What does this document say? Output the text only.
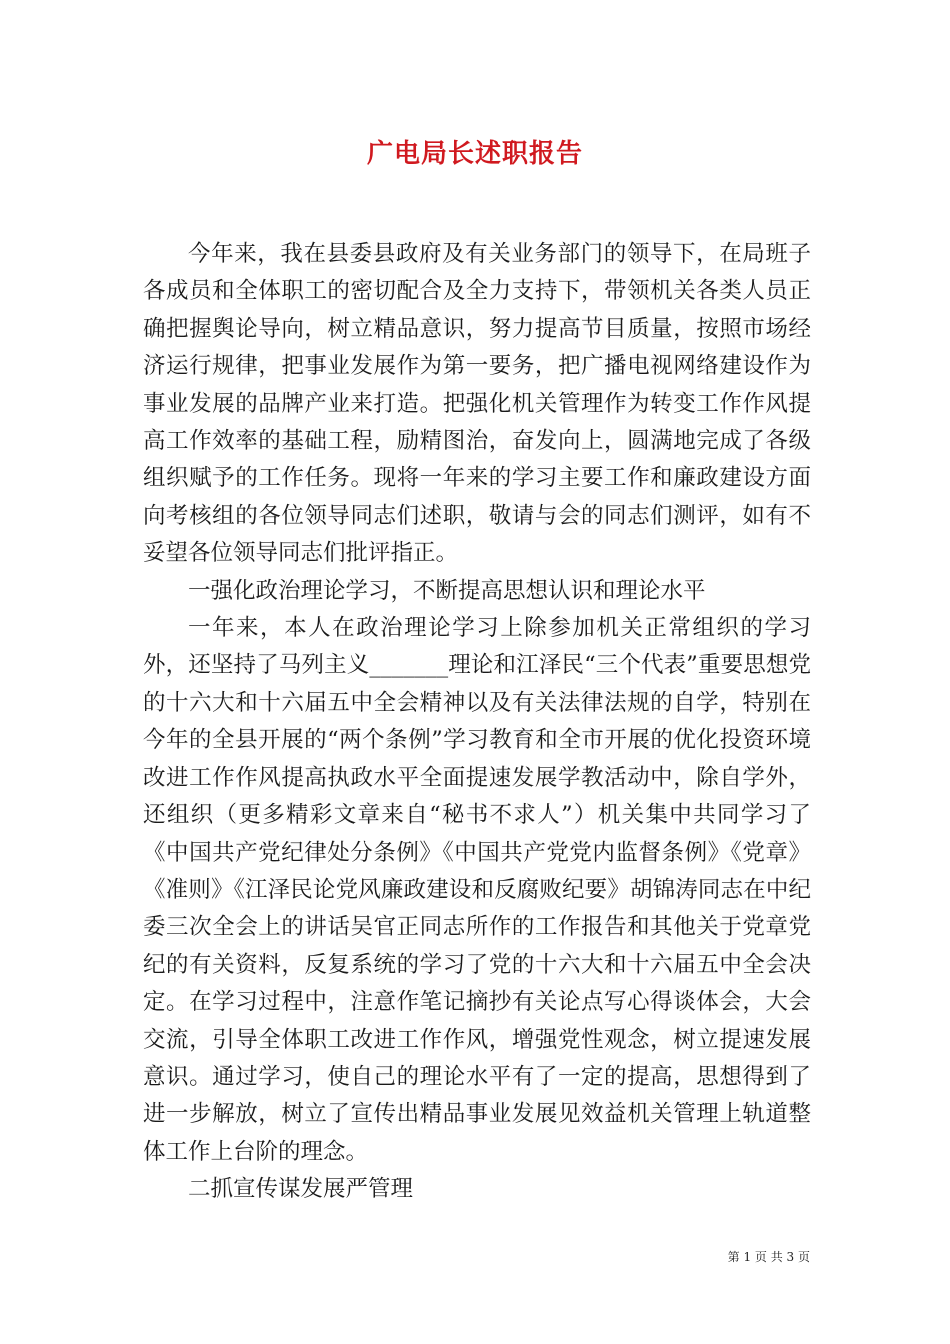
广电局长述职报告

今年来，我在县委县政府及有关业务部门的领导下，在局班子各成员和全体职工的密切配合及全力支持下，带领机关各类人员正确把握舆论导向，树立精品意识，努力提高节目质量，按照市场经济运行规律，把事业发展作为第一要务，把广播电视网络建设作为事业发展的品牌产业来打造。把强化机关管理作为转变工作作风提高工作效率的基础工程，励精图治，奋发向上，圆满地完成了各级组织赋予的工作任务。现将一年来的学习主要工作和廉政建设方面向考核组的各位领导同志们述职，敬请与会的同志们测评，如有不妥望各位领导同志们批评指正。

一强化政治理论学习，不断提高思想认识和理论水平

一年来，本人在政治理论学习上除参加机关正常组织的学习外，还坚持了马列主义_______理论和江泽民“三个代表”重要思想党的十六大和十六届五中全会精神以及有关法律法规的自学，特别在今年的全县开展的“两个条例”学习教育和全市开展的优化投资环境改进工作作风提高执政水平全面提速发展学教活动中，除自学外，还组织（更多精彩文章来自“秘书不求人”）机关集中共同学习了《中国共产党纪律处分条例》《中国共产党党内监督条例》《党章》《准则》《江泽民论党风廉政建设和反腐败纪要》胡锦涛同志在中纪委三次全会上的讲话吴官正同志所作的工作报告和其他关于党章党纪的有关资料，反复系统的学习了党的十六大和十六届五中全会决定。在学习过程中，注意作笔记摘抄有关论点写心得谈体会，大会交流，引导全体职工改进工作作风，增强党性观念，树立提速发展意识。通过学习，使自己的理论水平有了一定的提高，思想得到了进一步解放，树立了宣传出精品事业发展见效益机关管理上轨道整体工作上台阶的理念。

二抓宣传谋发展严管理

第 1 页 共 3 页
